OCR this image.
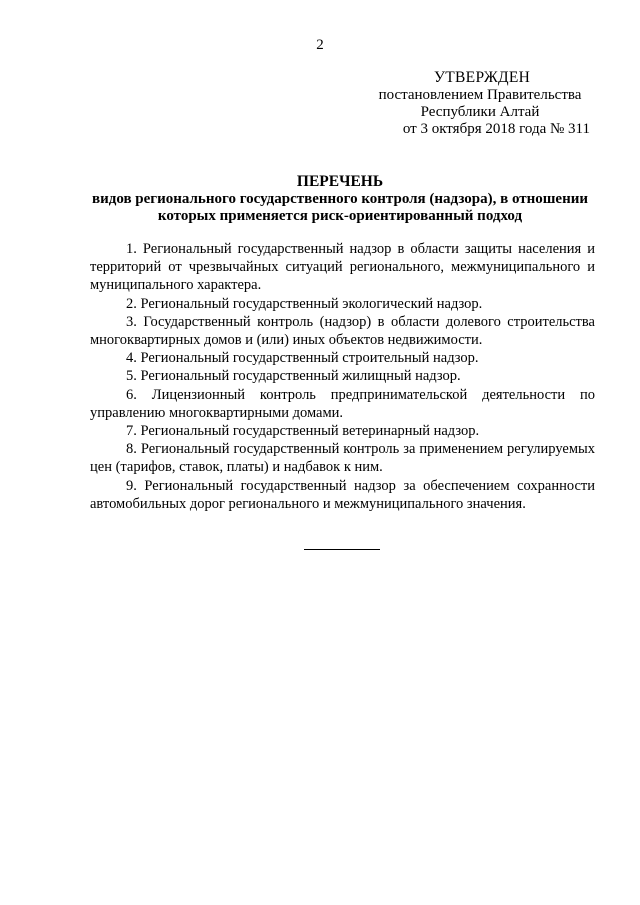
2
УТВЕРЖДЕН
постановлением Правительства
Республики Алтай
от 3 октября 2018 года № 311
ПЕРЕЧЕНЬ
видов регионального государственного контроля (надзора), в отношении
которых применяется риск-ориентированный подход

1. Региональный государственный надзор в области защиты населения и территорий от чрезвычайных ситуаций регионального, межмуниципального и муниципального характера.

2. Региональный государственный экологический надзор.

3. Государственный контроль (надзор) в области долевого строительства многоквартирных домов и (или) иных объектов недвижимости.

4. Региональный государственный строительный надзор.

5. Региональный государственный жилищный надзор.

6. Лицензионный контроль предпринимательской деятельности по управлению многоквартирными домами.

7. Региональный государственный ветеринарный надзор.

8. Региональный государственный контроль за применением регулируемых цен (тарифов, ставок, платы) и надбавок к ним.

9. Региональный государственный надзор за обеспечением сохранности автомобильных дорог регионального и межмуниципального значения.
